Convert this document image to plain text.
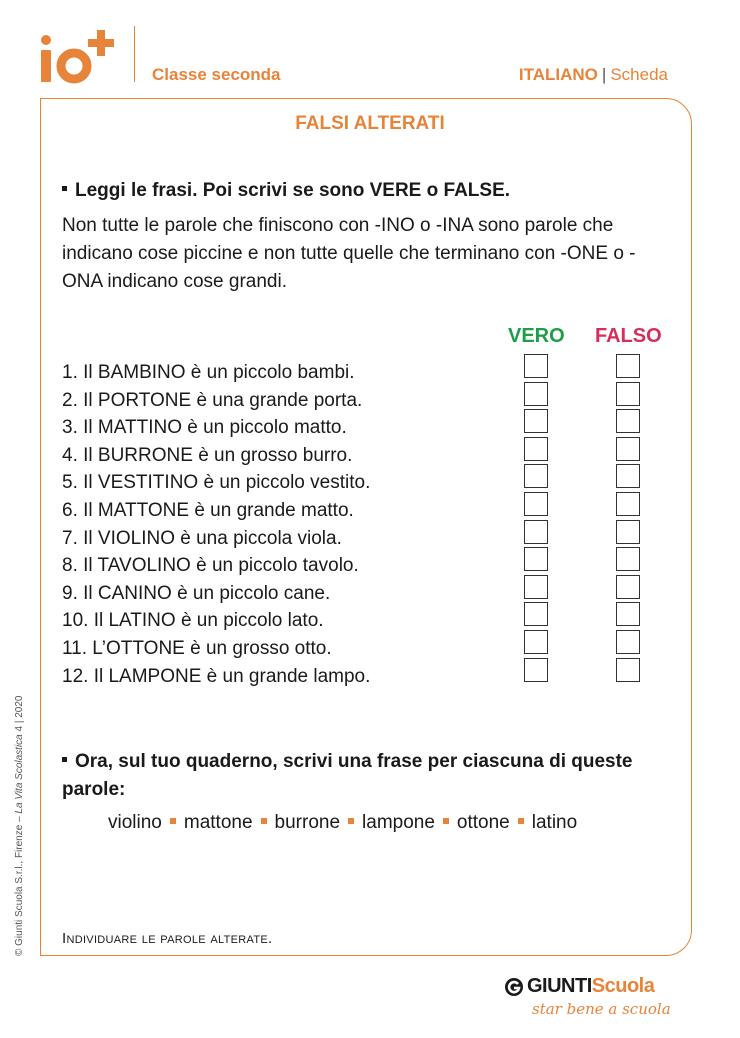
Classe seconda	ITALIANO | Scheda
FALSI ALTERATI
Leggi le frasi. Poi scrivi se sono VERE o FALSE.

Non tutte le parole che finiscono con -INO o -INA sono parole che indicano cose piccine e non tutte quelle che terminano con -ONE o -ONA indicano cose grandi.

VERO FALSO
1. Il BAMBINO è un piccolo bambi.
2. Il PORTONE è una grande porta.
3. Il MATTINO è un piccolo matto.
4. Il BURRONE è un grosso burro.
5. Il VESTITINO è un piccolo vestito.
6. Il MATTONE è un grande matto.
7. Il VIOLINO è una piccola viola.
8. Il TAVOLINO è un piccolo tavolo.
9. Il CANINO è un piccolo cane.
10. Il LATINO è un piccolo lato.
11. L’OTTONE è un grosso otto.
12. Il LAMPONE è un grande lampo.
Ora, sul tuo quaderno, scrivi una frase per ciascuna di queste parole:
violino mattone burrone lampone ottone latino
Individuare le parole alterate.
© Giunti Scuola S.r.l., Firenze – La Vita Scolastica 4 | 2020
GIUNTI Scuola
star bene a scuola
